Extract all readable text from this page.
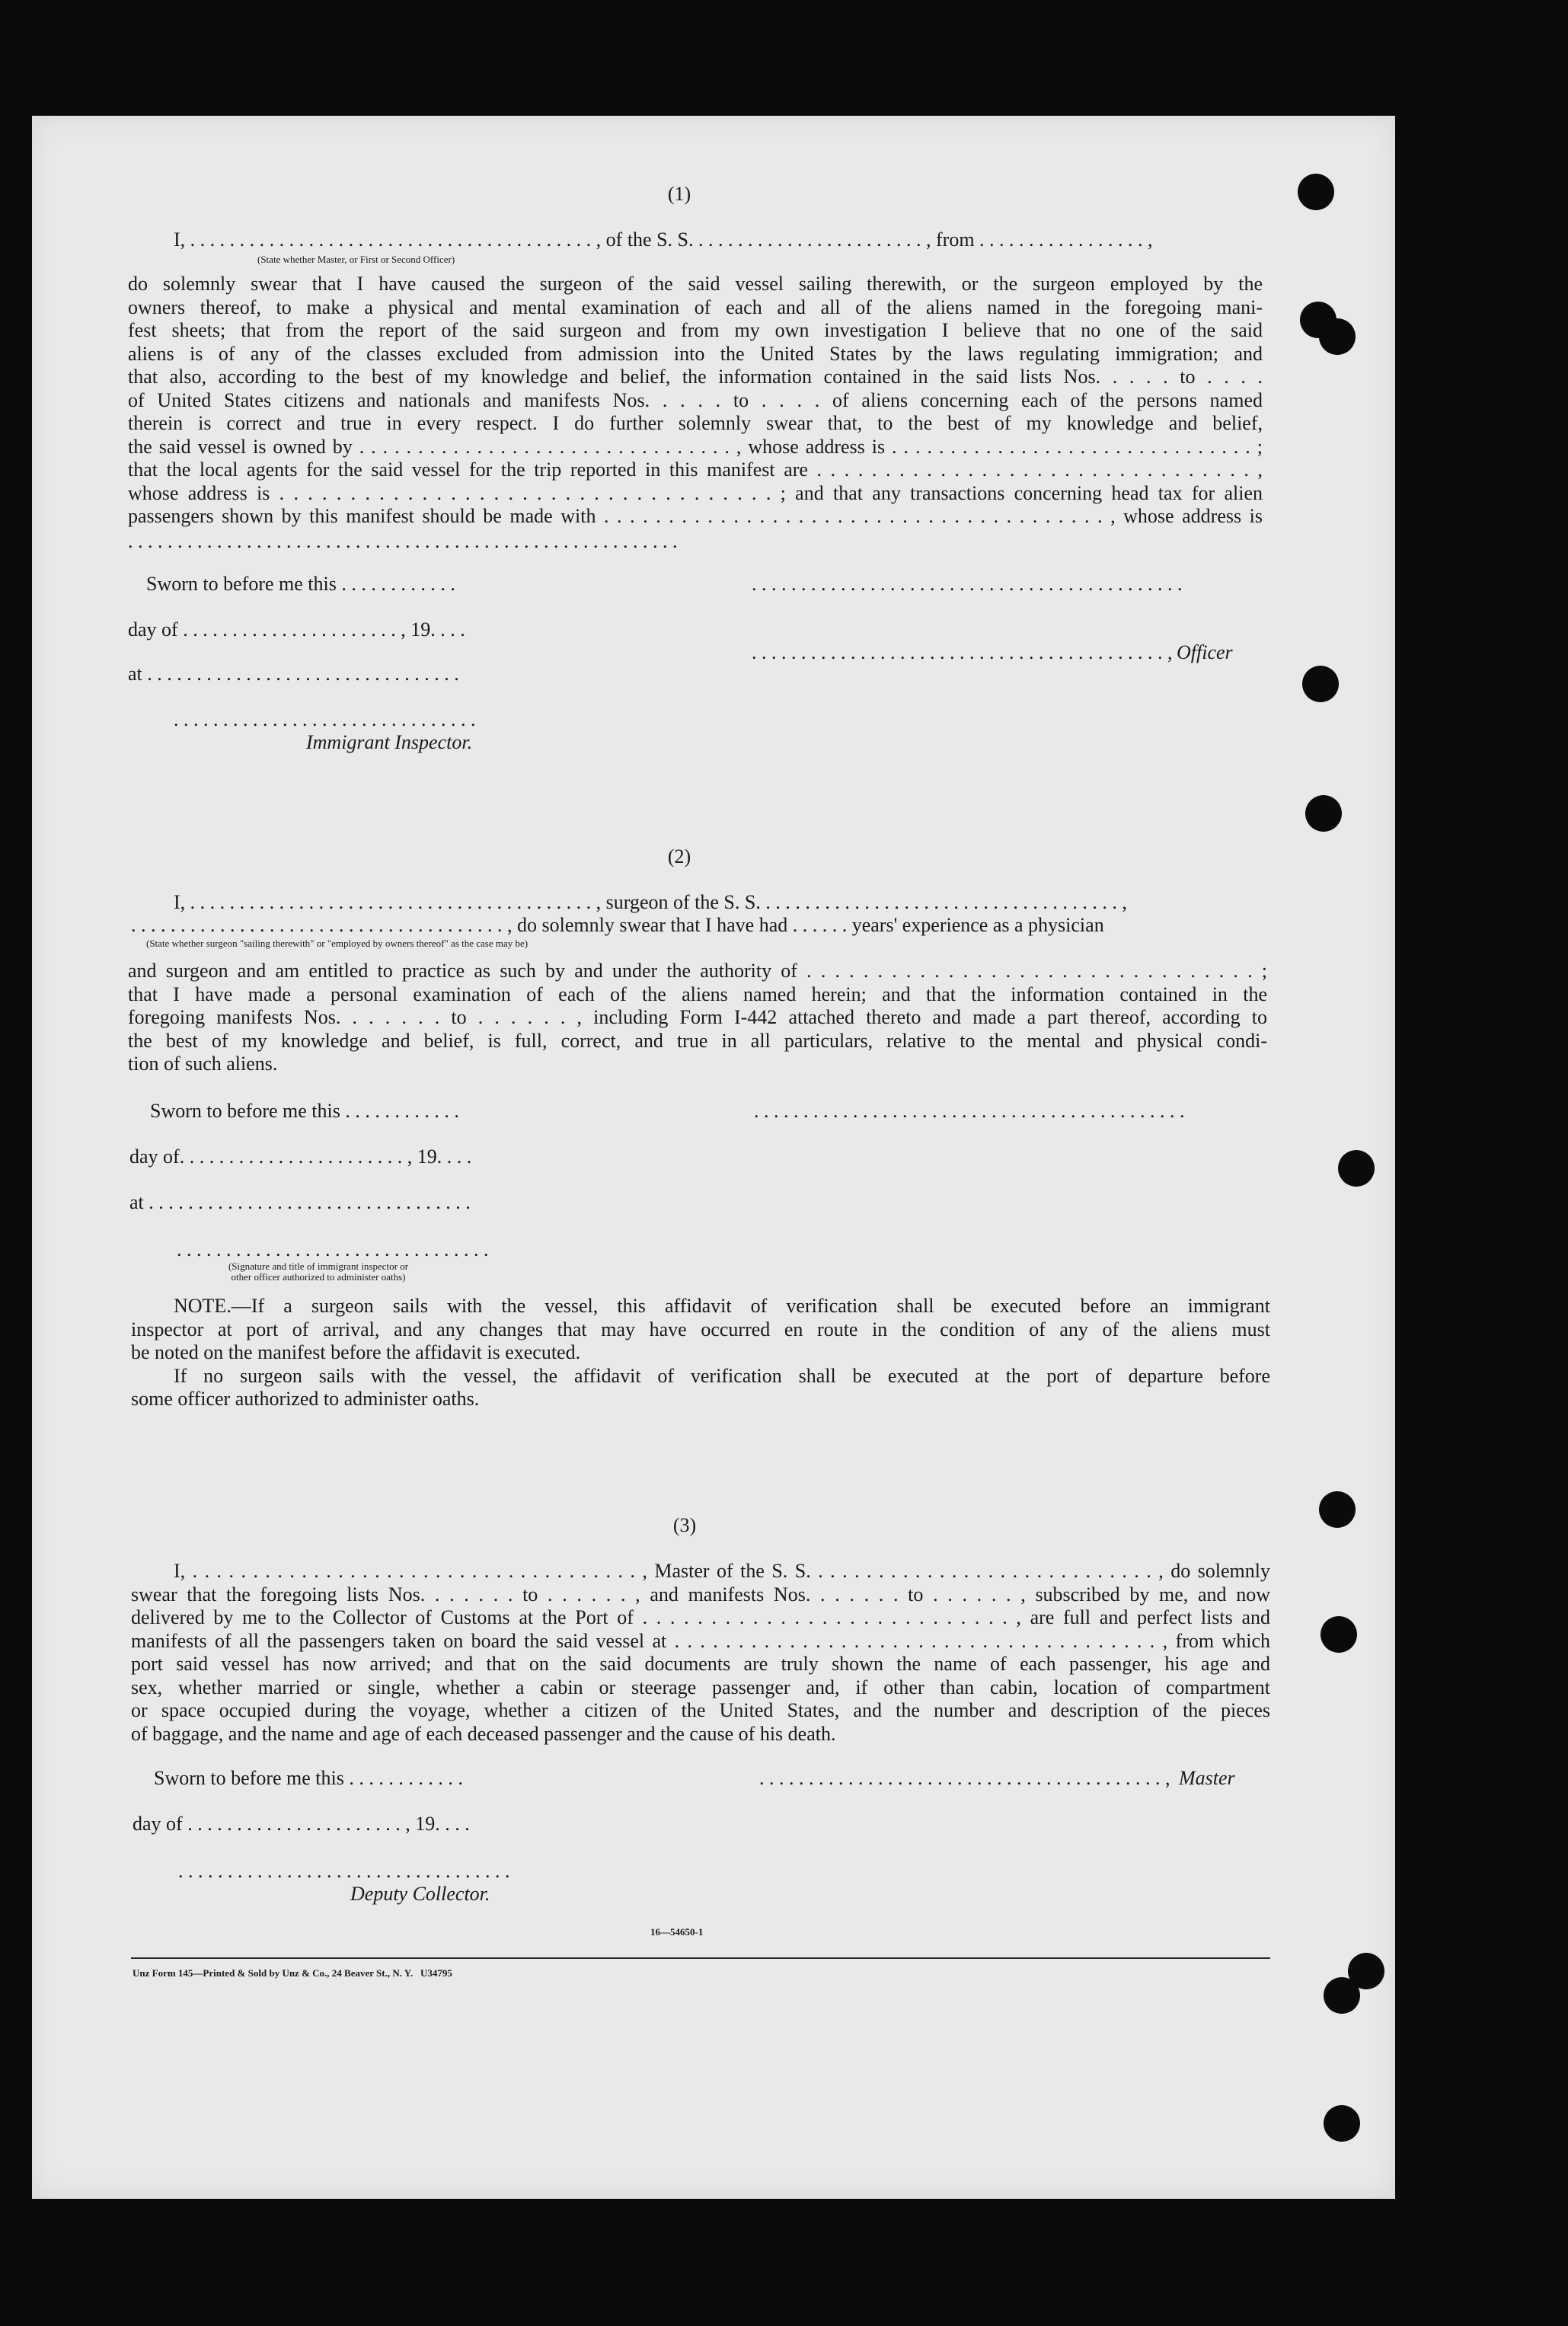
(1)
I, . . . . . . . . . . . . . . . . . . . . . . . . . . . . . . . . . . . . . . . . . , of the S. S. . . . . . . . . . . . . . . . . . . . . . . . , from . . . . . . . . . . . . . . . . . ,
(State whether Master, or First or Second Officer)
do solemnly swear that I have caused the surgeon of the said vessel sailing therewith, or the surgeon employed by the
owners thereof, to make a physical and mental examination of each and all of the aliens named in the foregoing mani-
fest sheets; that from the report of the said surgeon and from my own investigation I believe that no one of the said
aliens is of any of the classes excluded from admission into the United States by the laws regulating immigration; and
that also, according to the best of my knowledge and belief, the information contained in the said lists Nos. . . . . to . . . .
of United States citizens and nationals and manifests Nos. . . . . to . . . . of aliens concerning each of the persons named
therein is correct and true in every respect. I do further solemnly swear that, to the best of my knowledge and belief,
the said vessel is owned by . . . . . . . . . . . . . . . . . . . . . . . . . . . . . . . . , whose address is . . . . . . . . . . . . . . . . . . . . . . . . . . . . . . . ;
that the local agents for the said vessel for the trip reported in this manifest are . . . . . . . . . . . . . . . . . . . . . . . . . . . . . . . . ,
whose address is . . . . . . . . . . . . . . . . . . . . . . . . . . . . . . . . . . . ; and that any transactions concerning head tax for alien
passengers shown by this manifest should be made with . . . . . . . . . . . . . . . . . . . . . . . . . . . . . . . . . . . . . . . , whose address is
. . . . . . . . . . . . . . . . . . . . . . . . . . . . . . . . . . . . . . . . . . . . . . . . . . . . . . . .
Sworn to before me this . . . . . . . . . . . .	. . . . . . . . . . . . . . . . . . . . . . . . . . . . . . . . . . . . . . . . . . . .
day of . . . . . . . . . . . . . . . . . . . . . . , 19. . . .
. . . . . . . . . . . . . . . . . . . . . . . . . . . . . . . . . . . . . . . . . . , Officer
at . . . . . . . . . . . . . . . . . . . . . . . . . . . . . . . .
. . . . . . . . . . . . . . . . . . . . . . . . . . . . . . .
Immigrant Inspector.
(2)
I, . . . . . . . . . . . . . . . . . . . . . . . . . . . . . . . . . . . . . . . . . , surgeon of the S. S. . . . . . . . . . . . . . . . . . . . . . . . . . . . . . . . . . . . . ,
. . . . . . . . . . . . . . . . . . . . . . . . . . . . . . . . . . . . . . , do solemnly swear that I have had . . . . . . years' experience as a physician
(State whether surgeon "sailing therewith" or "employed by owners thereof" as the case may be)
and surgeon and am entitled to practice as such by and under the authority of . . . . . . . . . . . . . . . . . . . . . . . . . . . . . . . . ;
that I have made a personal examination of each of the aliens named herein; and that the information contained in the
foregoing manifests Nos. . . . . . . to . . . . . . , including Form I-442 attached thereto and made a part thereof, according to
the best of my knowledge and belief, is full, correct, and true in all particulars, relative to the mental and physical condi-
tion of such aliens.
Sworn to before me this . . . . . . . . . . . .	. . . . . . . . . . . . . . . . . . . . . . . . . . . . . . . . . . . . . . . . . . . .
day of. . . . . . . . . . . . . . . . . . . . . . . , 19. . . .
at . . . . . . . . . . . . . . . . . . . . . . . . . . . . . . . . .
. . . . . . . . . . . . . . . . . . . . . . . . . . . . . . . .
(Signature and title of immigrant inspector or
other officer authorized to administer oaths)
NOTE.—If a surgeon sails with the vessel, this affidavit of verification shall be executed before an immigrant
inspector at port of arrival, and any changes that may have occurred en route in the condition of any of the aliens must
be noted on the manifest before the affidavit is executed.
If no surgeon sails with the vessel, the affidavit of verification shall be executed at the port of departure before
some officer authorized to administer oaths.
(3)
I, . . . . . . . . . . . . . . . . . . . . . . . . . . . . . . . . . . . . . , Master of the S. S. . . . . . . . . . . . . . . . . . . . . . . . . . . . . , do solemnly
swear that the foregoing lists Nos. . . . . . . to . . . . . . , and manifests Nos. . . . . . . to . . . . . . , subscribed by me, and now
delivered by me to the Collector of Customs at the Port of . . . . . . . . . . . . . . . . . . . . . . . . . . . , are full and perfect lists and
manifests of all the passengers taken on board the said vessel at . . . . . . . . . . . . . . . . . . . . . . . . . . . . . . . . . . . . . . , from which
port said vessel has now arrived; and that on the said documents are truly shown the name of each passenger, his age and
sex, whether married or single, whether a cabin or steerage passenger and, if other than cabin, location of compartment
or space occupied during the voyage, whether a citizen of the United States, and the number and description of the pieces
of baggage, and the name and age of each deceased passenger and the cause of his death.
Sworn to before me this . . . . . . . . . . . .	. . . . . . . . . . . . . . . . . . . . . . . . . . . . . . . . . . . . . . . . . , Master
day of . . . . . . . . . . . . . . . . . . . . . . , 19. . . .
. . . . . . . . . . . . . . . . . . . . . . . . . . . . . . . . . .
Deputy Collector.
16—54650-1
Unz Form 145—Printed & Sold by Unz & Co., 24 Beaver St., N. Y.   U34795
